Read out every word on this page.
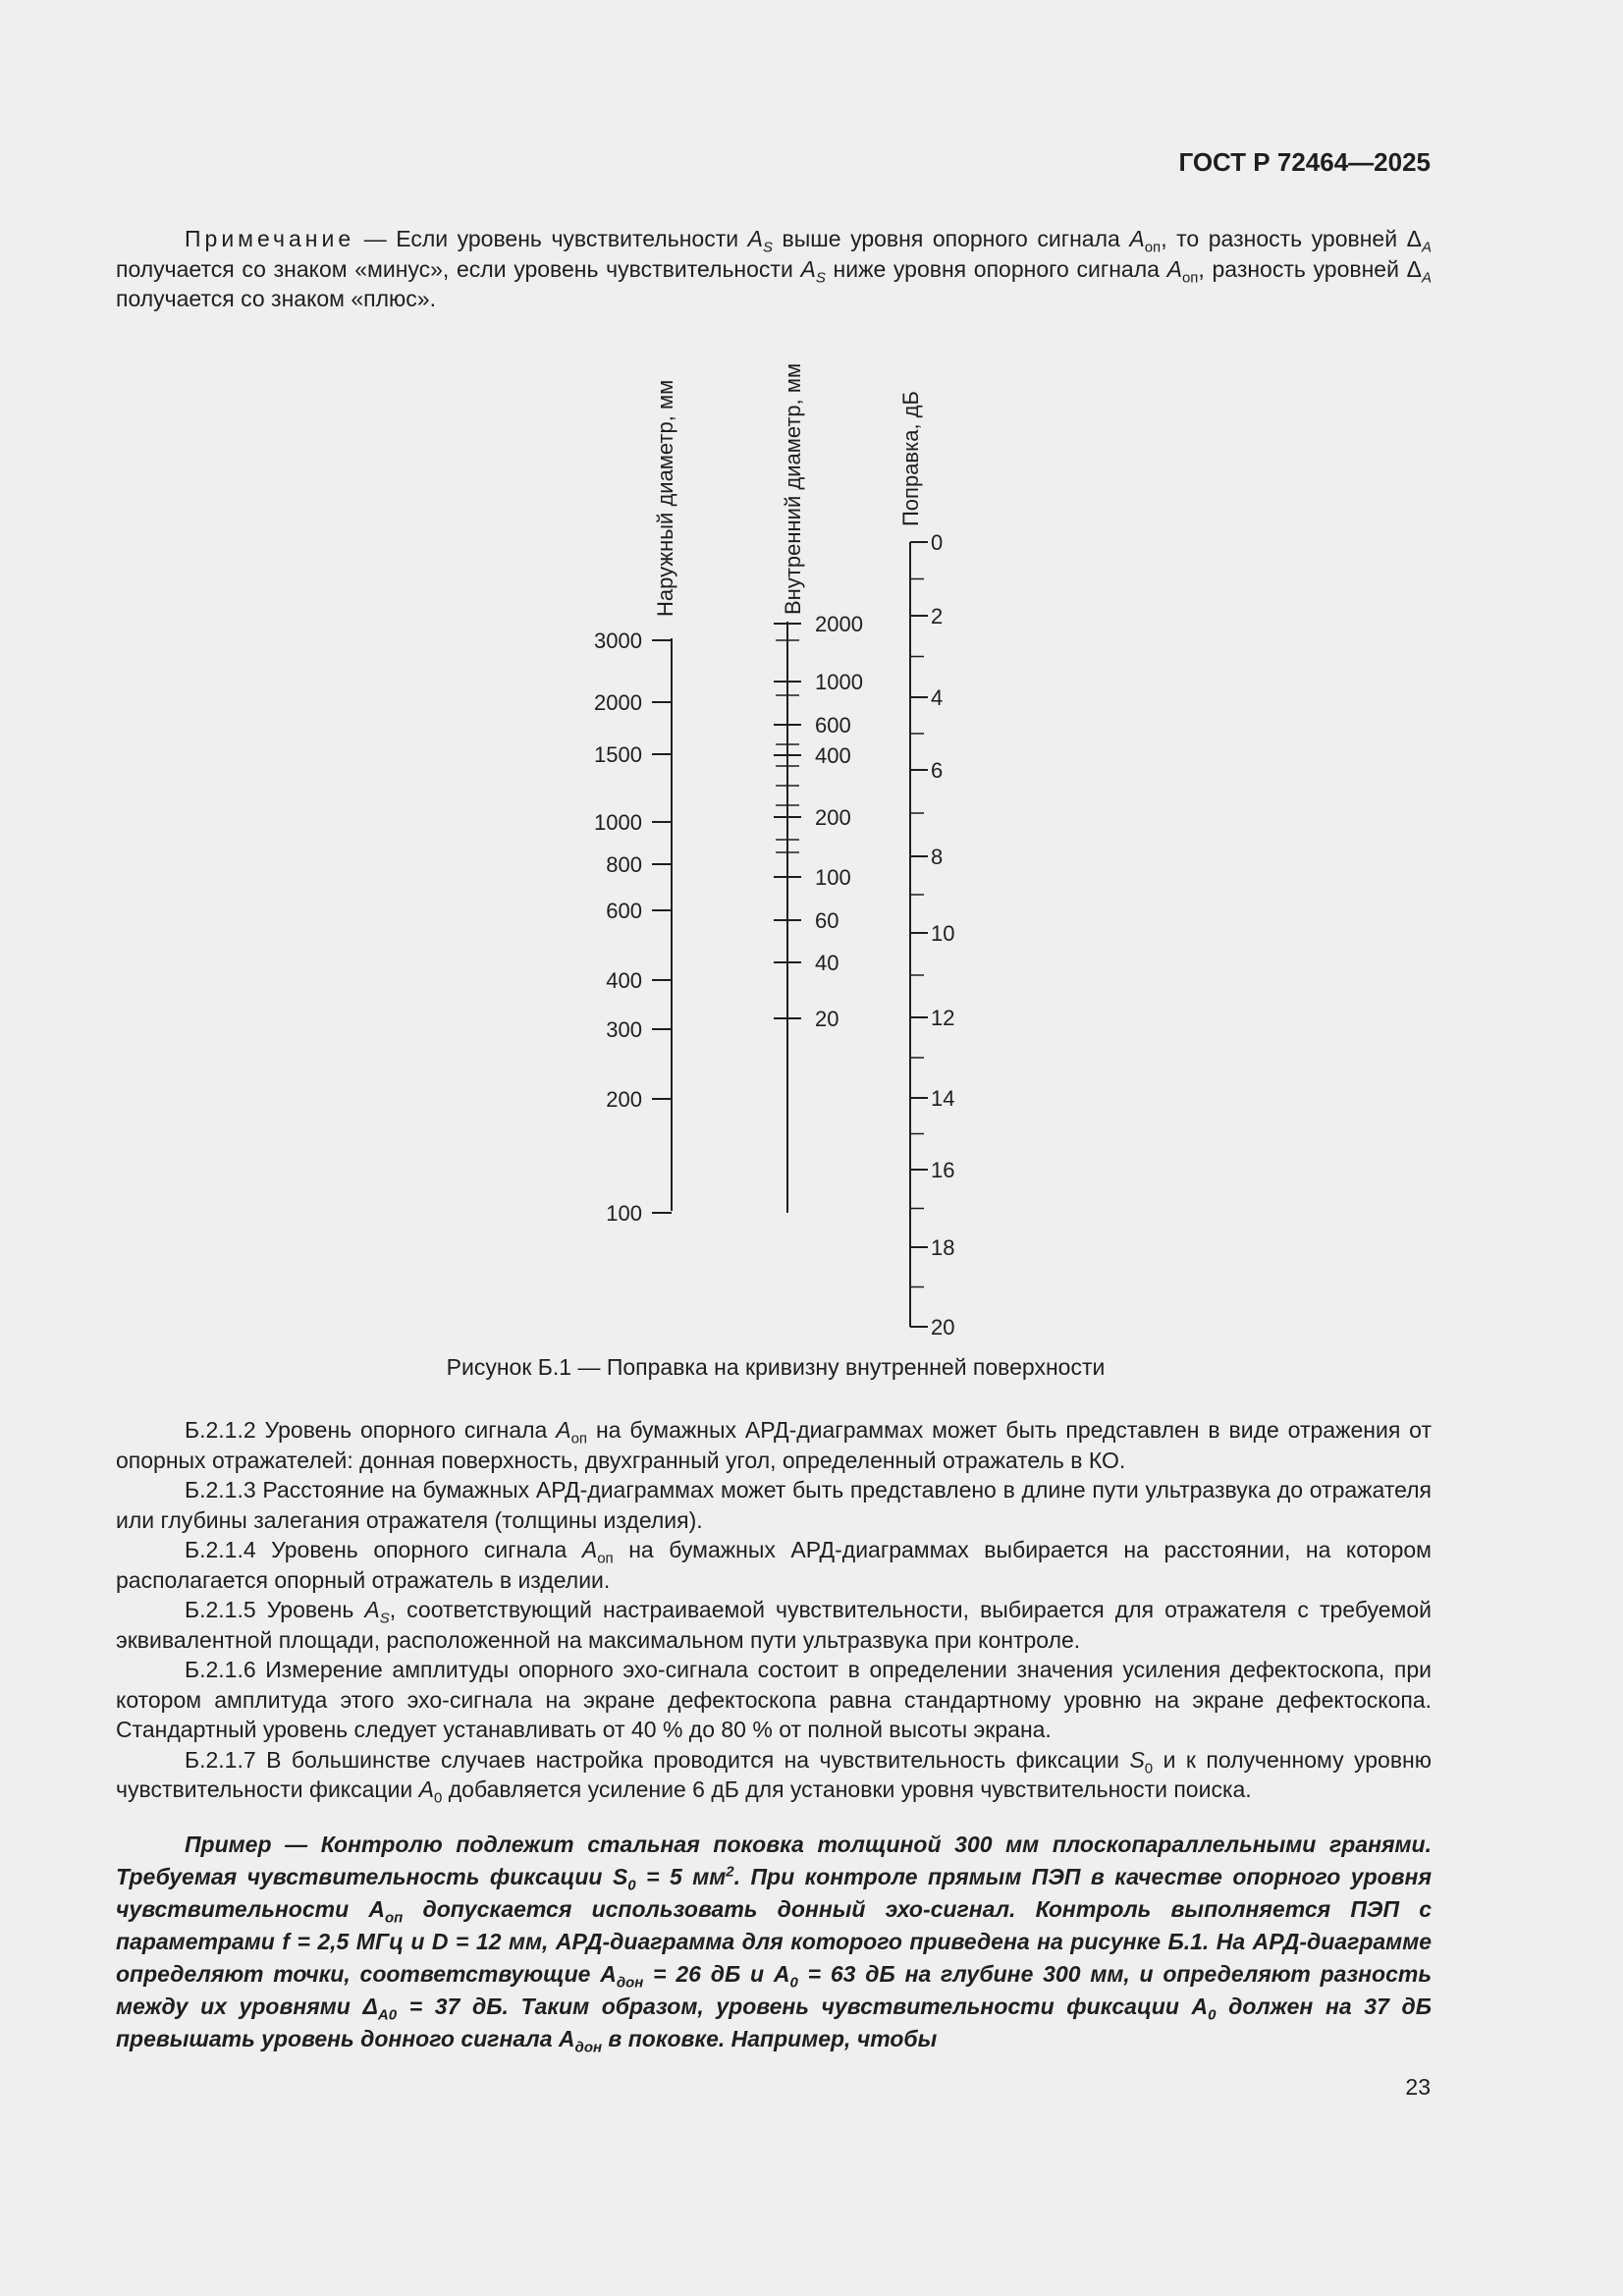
ГОСТ Р 72464—2025

Примечание — Если уровень чувствительности $A_S$ выше уровня опорного сигнала $A_{оп}$, то разность уровней $\Delta_A$ получается со знаком «минус», если уровень чувствительности $A_S$ ниже уровня опорного сигнала $A_{оп}$, разность уровней $\Delta_A$ получается со знаком «плюс».

3000
2000
1500
1000
800
600
400
300
200
100
Наружный диаметр, мм
2000
1000
600
400
200
100
60
40
20
Внутренний диаметр, мм	0
2
4
6
8
10
12
14
16
18
20
Поправка, дБ
Рисунок Б.1 — Поправка на кривизну внутренней поверхности

Б.2.1.2 Уровень опорного сигнала $A_{оп}$ на бумажных АРД-диаграммах может быть представлен в виде отражения от опорных отражателей: донная поверхность, двухгранный угол, определенный отражатель в КО.

Б.2.1.3 Расстояние на бумажных АРД-диаграммах может быть представлено в длине пути ультразвука до отражателя или глубины залегания отражателя (толщины изделия).

Б.2.1.4 Уровень опорного сигнала $A_{оп}$ на бумажных АРД-диаграммах выбирается на расстоянии, на котором располагается опорный отражатель в изделии.

Б.2.1.5 Уровень $A_S$, соответствующий настраиваемой чувствительности, выбирается для отражателя с требуемой эквивалентной площади, расположенной на максимальном пути ультразвука при контроле.

Б.2.1.6 Измерение амплитуды опорного эхо-сигнала состоит в определении значения усиления дефектоскопа, при котором амплитуда этого эхо-сигнала на экране дефектоскопа равна стандартному уровню на экране дефектоскопа. Стандартный уровень следует устанавливать от 40 % до 80 % от полной высоты экрана.

Б.2.1.7 В большинстве случаев настройка проводится на чувствительность фиксации $S_0$ и к полученному уровню чувствительности фиксации $A_0$ добавляется усиление 6 дБ для установки уровня чувствительности поиска.

Пример — Контролю подлежит стальная поковка толщиной 300 мм плоскопараллельными гранями. Требуемая чувствительность фиксации $S_0 = 5$ $мм^2$. При контроле прямым ПЭП в качестве опорного уровня чувствительности $A_{оп}$ допускается использовать донный эхо-сигнал. Контроль выполняется ПЭП с параметрами f = 2,5 МГц и D = 12 мм, АРД-диаграмма для которого приведена на рисунке Б.1. На АРД-диаграмме определяют точки, соответствующие $A_{дон} = 26$ дБ и $A_0 = 63$ дБ на глубине 300 мм, и определяют разность между их уровнями $\Delta_{A0} = 37$ дБ. Таким образом, уровень чувствительности фиксации $A_0$ должен на 37 дБ превышать уровень донного сигнала $A_{дон}$ в поковке. Например, чтобы

23
